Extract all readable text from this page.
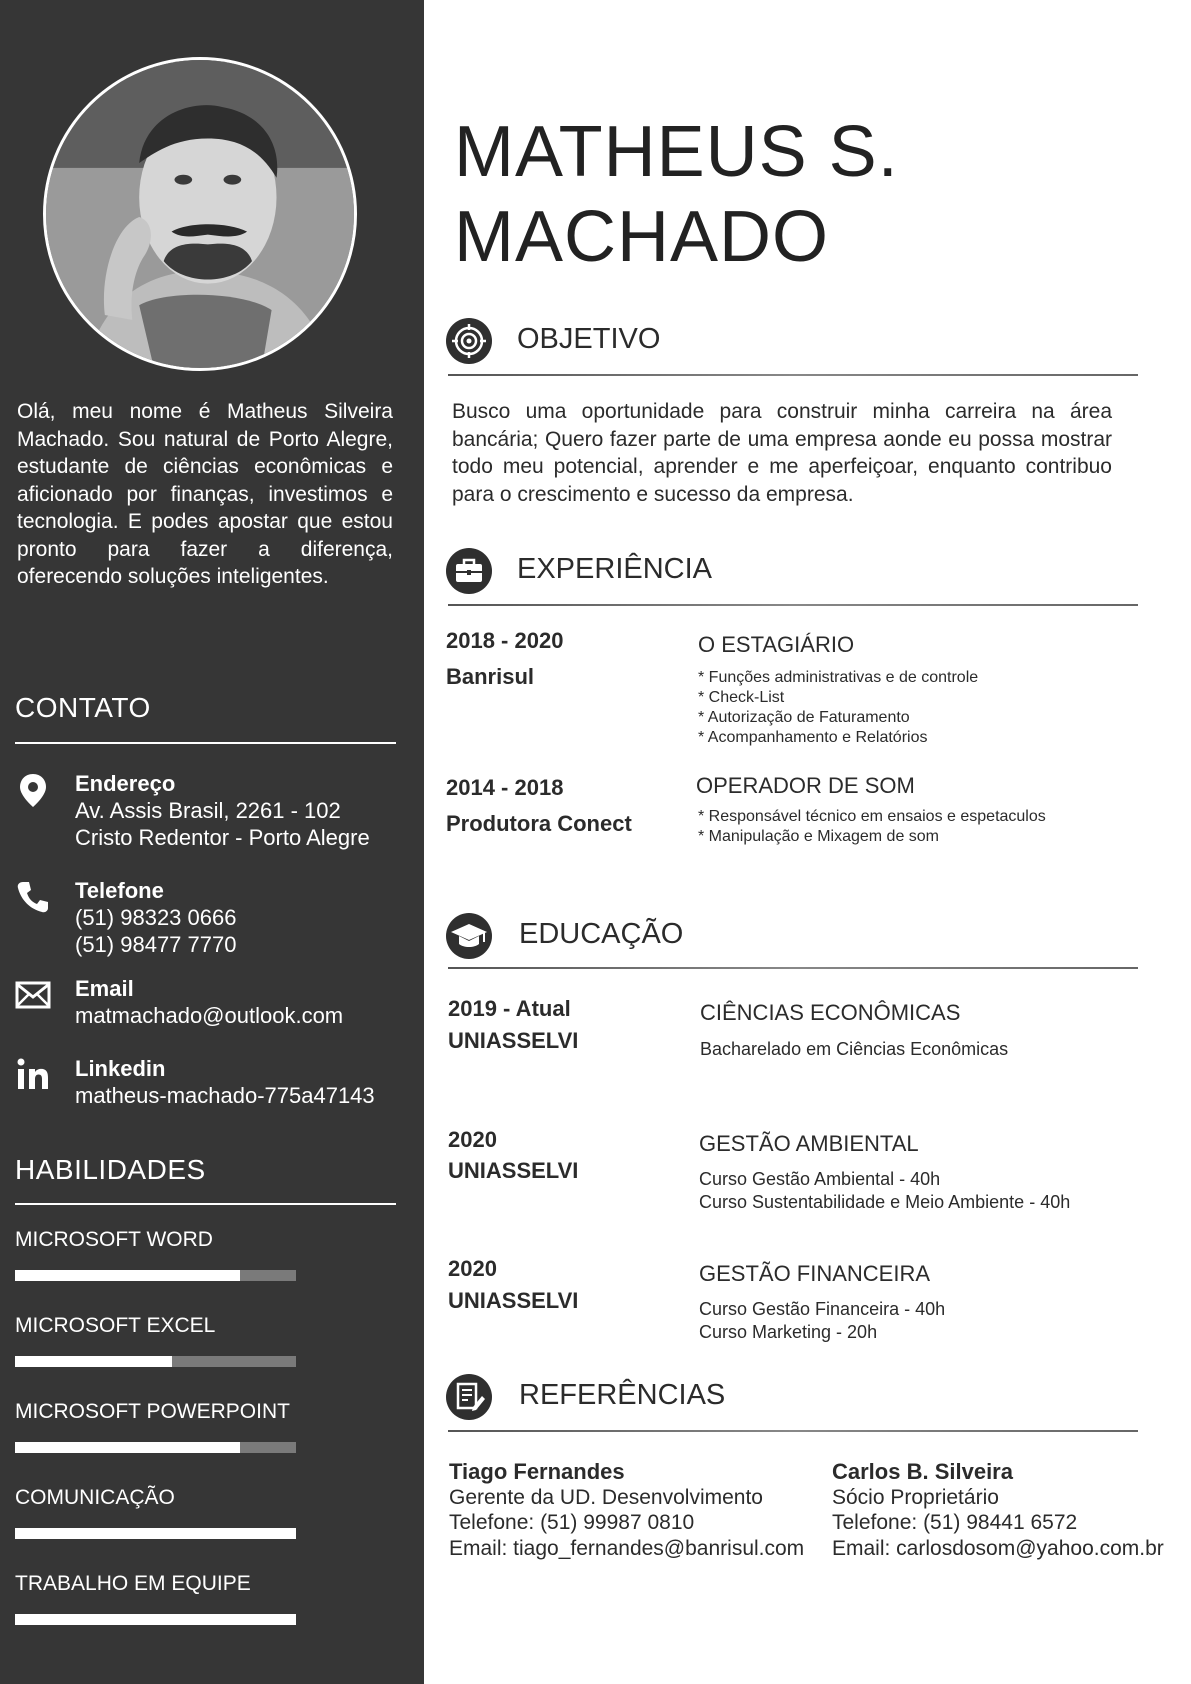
Olá, meu nome é Matheus Silveira Machado. Sou natural de Porto Alegre, estudante de ciências econômicas e aficionado por finanças, investimos e tecnologia. E podes apostar que estou pronto para fazer a diferença, oferecendo soluções inteligentes.

CONTATO
Endereço
Av. Assis Brasil, 2261 - 102
Cristo Redentor - Porto Alegre
Telefone
(51) 98323 0666
(51) 98477 7770
Email
matmachado@outlook.com
Linkedin
matheus-machado-775a47143
HABILIDADES
MICROSOFT WORD
MICROSOFT EXCEL
MICROSOFT POWERPOINT
COMUNICAÇÃO
TRABALHO EM EQUIPE
MATHEUS S.
MACHADO
OBJETIVO

Busco uma oportunidade para construir minha carreira na área bancária; Quero fazer parte de uma empresa aonde eu possa mostrar todo meu potencial, aprender e me aperfeiçoar, enquanto contribuo para o crescimento e sucesso da empresa.

EXPERIÊNCIA
2018 - 2020
Banrisul
O ESTAGIÁRIO
* Funções administrativas e de controle
* Check-List
* Autorização de Faturamento
* Acompanhamento e Relatórios
2014 - 2018
Produtora Conect
OPERADOR DE SOM
* Responsável técnico em ensaios e espetaculos
* Manipulação e Mixagem de som
EDUCAÇÃO
2019 - Atual
UNIASSELVI
CIÊNCIAS ECONÔMICAS
Bacharelado em Ciências Econômicas
2020
UNIASSELVI
GESTÃO AMBIENTAL
Curso Gestão Ambiental - 40h
Curso Sustentabilidade e Meio Ambiente - 40h
2020
UNIASSELVI
GESTÃO FINANCEIRA
Curso Gestão Financeira - 40h
Curso Marketing - 20h
REFERÊNCIAS
Tiago Fernandes
Gerente da UD. Desenvolvimento
Telefone: (51) 99987 0810
Email: tiago_fernandes@banrisul.com
Carlos B. Silveira
Sócio Proprietário
Telefone: (51) 98441 6572
Email: carlosdosom@yahoo.com.br
